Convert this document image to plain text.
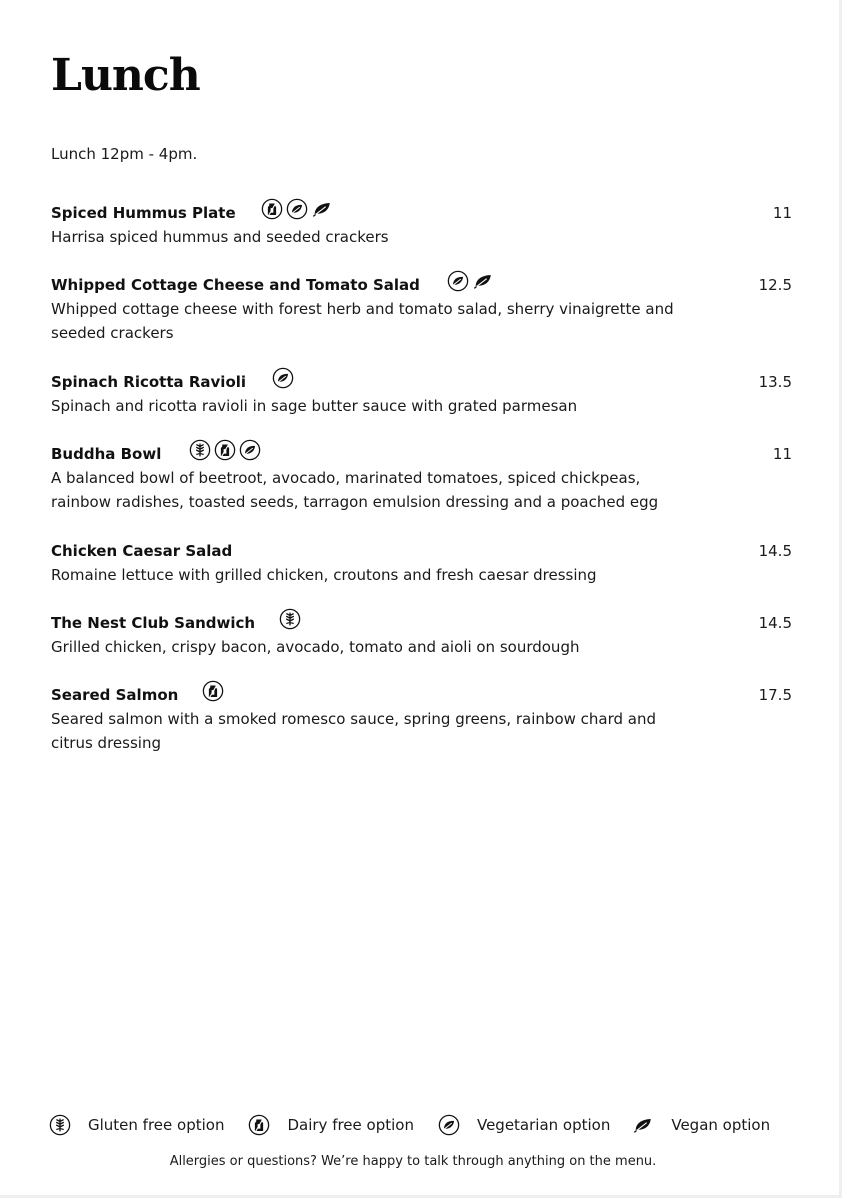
Lunch

Lunch 12pm - 4pm.

Spiced Hummus Plate	11

Harrisa spiced hummus and seeded crackers

Whipped Cottage Cheese and Tomato Salad	12.5

Whipped cottage cheese with forest herb and tomato salad, sherry vinaigrette and seeded crackers

Spinach Ricotta Ravioli	13.5

Spinach and ricotta ravioli in sage butter sauce with grated parmesan

Buddha Bowl	11

A balanced bowl of beetroot, avocado, marinated tomatoes, spiced chickpeas, rainbow radishes, toasted seeds, tarragon emulsion dressing and a poached egg

Chicken Caesar Salad	14.5

Romaine lettuce with grilled chicken, croutons and fresh caesar dressing

The Nest Club Sandwich	14.5

Grilled chicken, crispy bacon, avocado, tomato and aioli on sourdough

Seared Salmon	17.5

Seared salmon with a smoked romesco sauce, spring greens, rainbow chard and citrus dressing

Gluten free option	Dairy free option	Vegetarian option	Vegan option

Allergies or questions? We’re happy to talk through anything on the menu.
